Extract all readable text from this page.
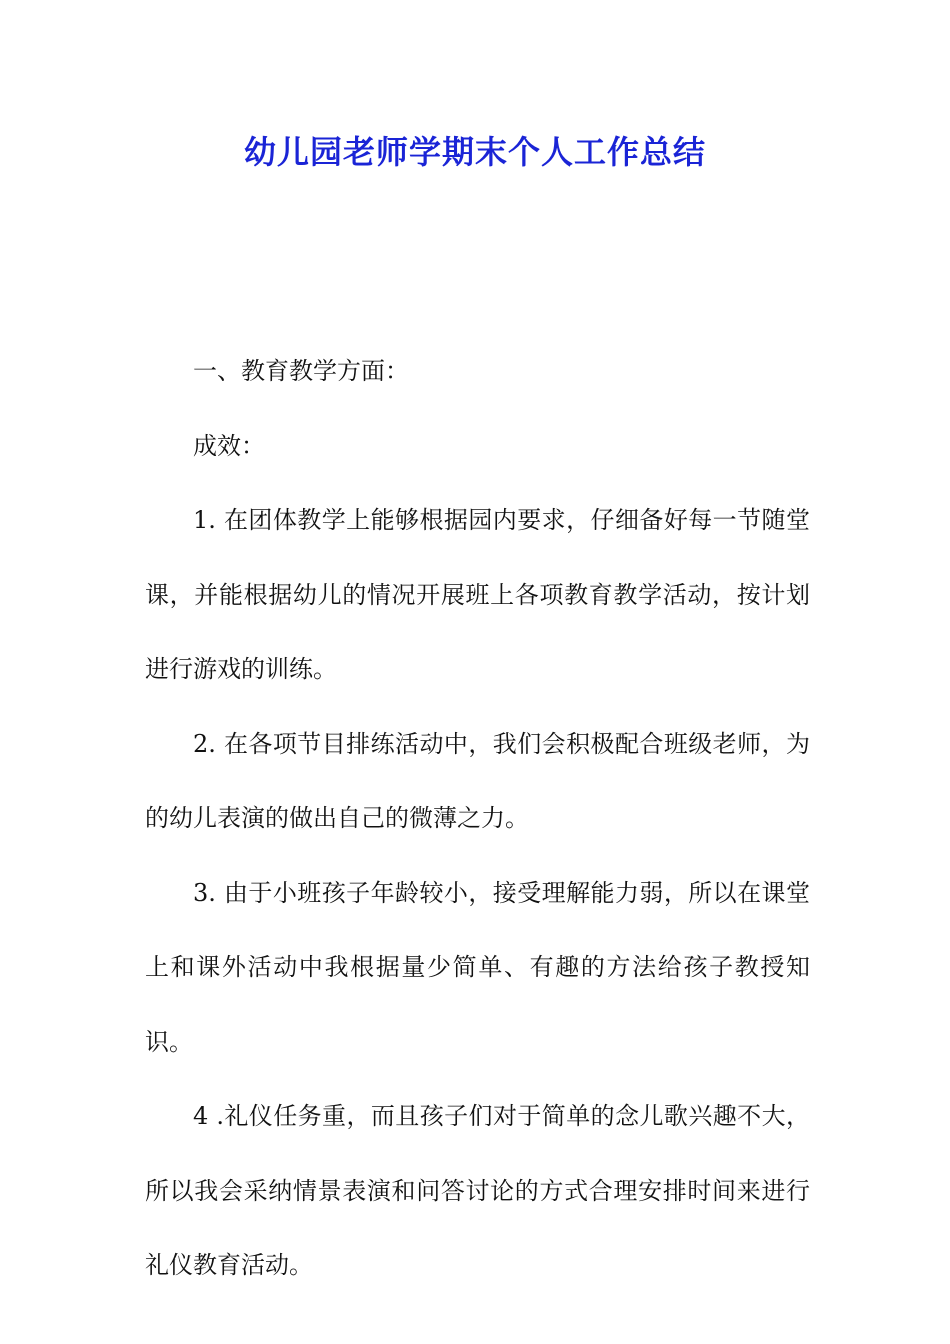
幼儿园老师学期末个人工作总结

一、教育教学方面：

成效：

1. 在团体教学上能够根据园内要求，仔细备好每一节随堂课，并能根据幼儿的情况开展班上各项教育教学活动，按计划进行游戏的训练。

2. 在各项节目排练活动中，我们会积极配合班级老师，为的幼儿表演的做出自己的微薄之力。

3. 由于小班孩子年龄较小，接受理解能力弱，所以在课堂上和课外活动中我根据量少简单、有趣的方法给孩子教授知识。

4 .礼仪任务重，而且孩子们对于简单的念儿歌兴趣不大，所以我会采纳情景表演和问答讨论的方式合理安排时间来进行礼仪教育活动。
